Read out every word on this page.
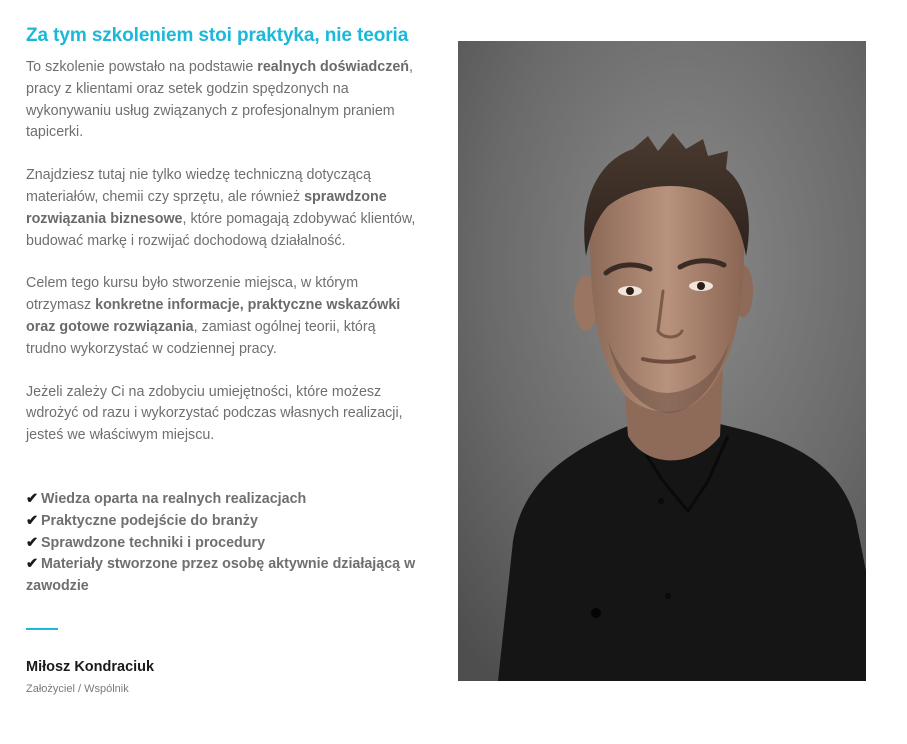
Za tym szkoleniem stoi praktyka, nie teoria

To szkolenie powstało na podstawie realnych doświadczeń, pracy z klientami oraz setek godzin spędzonych na wykonywaniu usług związanych z profesjonalnym praniem tapicerki.

Znajdziesz tutaj nie tylko wiedzę techniczną dotyczącą materiałów, chemii czy sprzętu, ale również sprawdzone rozwiązania biznesowe, które pomagają zdobywać klientów, budować markę i rozwijać dochodową działalność.

Celem tego kursu było stworzenie miejsca, w którym otrzymasz konkretne informacje, praktyczne wskazówki oraz gotowe rozwiązania, zamiast ogólnej teorii, którą trudno wykorzystać w codziennej pracy.

Jeżeli zależy Ci na zdobyciu umiejętności, które możesz wdrożyć od razu i wykorzystać podczas własnych realizacji, jesteś we właściwym miejscu.

✔ Wiedza oparta na realnych realizacjach
✔ Praktyczne podejście do branży
✔ Sprawdzone techniki i procedury
✔ Materiały stworzone przez osobę aktywnie działającą w zawodzie
Miłosz Kondraciuk
Założyciel / Wspólnik
